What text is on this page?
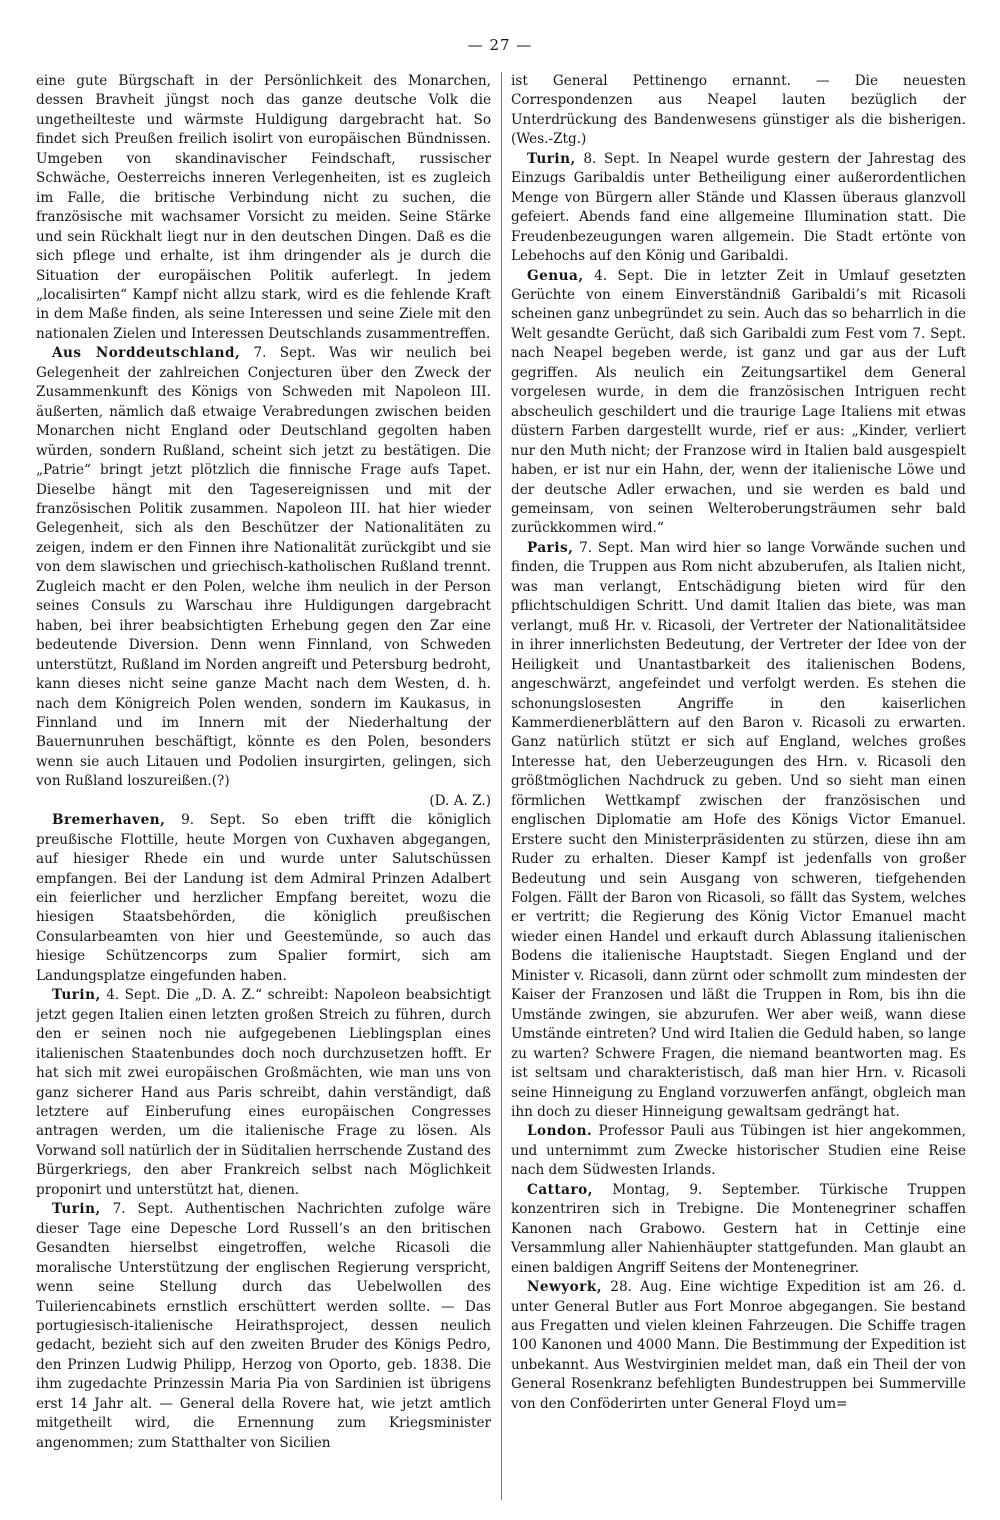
— 27 —

eine gute Bürgschaft in der Persönlichkeit des Monarchen, dessen Bravheit jüngst noch das ganze deutsche Volk die ungetheilteste und wärmste Huldigung dargebracht hat. So findet sich Preußen freilich isolirt von europäischen Bündnissen. Umgeben von skandinavischer Feindschaft, russischer Schwäche, Oesterreichs inneren Verlegenheiten, ist es zugleich im Falle, die britische Verbindung nicht zu suchen, die französische mit wachsamer Vorsicht zu meiden. Seine Stärke und sein Rückhalt liegt nur in den deutschen Dingen. Daß es die sich pflege und erhalte, ist ihm dringender als je durch die Situation der europäischen Politik auferlegt. In jedem „localisirten“ Kampf nicht allzu stark, wird es die fehlende Kraft in dem Maße finden, als seine Interessen und seine Ziele mit den nationalen Zielen und Interessen Deutschlands zusammentreffen.

Aus Norddeutschland, 7. Sept. Was wir neulich bei Gelegenheit der zahlreichen Conjecturen über den Zweck der Zusammenkunft des Königs von Schweden mit Napoleon III. äußerten, nämlich daß etwaige Verabredungen zwischen beiden Monarchen nicht England oder Deutschland gegolten haben würden, sondern Rußland, scheint sich jetzt zu bestätigen. Die „Patrie“ bringt jetzt plötzlich die finnische Frage aufs Tapet. Dieselbe hängt mit den Tagesereignissen und mit der französischen Politik zusammen. Napoleon III. hat hier wieder Gelegenheit, sich als den Beschützer der Nationalitäten zu zeigen, indem er den Finnen ihre Nationalität zurückgibt und sie von dem slawischen und griechisch-katholischen Rußland trennt. Zugleich macht er den Polen, welche ihm neulich in der Person seines Consuls zu Warschau ihre Huldigungen dargebracht haben, bei ihrer beabsichtigten Erhebung gegen den Zar eine bedeutende Diversion. Denn wenn Finnland, von Schweden unterstützt, Rußland im Norden angreift und Petersburg bedroht, kann dieses nicht seine ganze Macht nach dem Westen, d. h. nach dem Königreich Polen wenden, sondern im Kaukasus, in Finnland und im Innern mit der Niederhaltung der Bauernunruhen beschäftigt, könnte es den Polen, besonders wenn sie auch Litauen und Podolien insurgirten, gelingen, sich von Rußland loszureißen.(?)

(D. A. Z.)

Bremerhaven, 9. Sept. So eben trifft die königlich preußische Flottille, heute Morgen von Cuxhaven abgegangen, auf hiesiger Rhede ein und wurde unter Salutschüssen empfangen. Bei der Landung ist dem Admiral Prinzen Adalbert ein feierlicher und herzlicher Empfang bereitet, wozu die hiesigen Staatsbehörden, die königlich preußischen Consularbeamten von hier und Geestemünde, so auch das hiesige Schützencorps zum Spalier formirt, sich am Landungsplatze eingefunden haben.

Turin, 4. Sept. Die „D. A. Z.“ schreibt: Napoleon beabsichtigt jetzt gegen Italien einen letzten großen Streich zu führen, durch den er seinen noch nie aufgegebenen Lieblingsplan eines italienischen Staatenbundes doch noch durchzusetzen hofft. Er hat sich mit zwei europäischen Großmächten, wie man uns von ganz sicherer Hand aus Paris schreibt, dahin verständigt, daß letztere auf Einberufung eines europäischen Congresses antragen werden, um die italienische Frage zu lösen. Als Vorwand soll natürlich der in Süditalien herrschende Zustand des Bürgerkriegs, den aber Frankreich selbst nach Möglichkeit proponirt und unterstützt hat, dienen.

Turin, 7. Sept. Authentischen Nachrichten zufolge wäre dieser Tage eine Depesche Lord Russell’s an den britischen Gesandten hierselbst eingetroffen, welche Ricasoli die moralische Unterstützung der englischen Regierung verspricht, wenn seine Stellung durch das Uebelwollen des Tuileriencabinets ernstlich erschüttert werden sollte. — Das portugiesisch-italienische Heirathsproject, dessen neulich gedacht, bezieht sich auf den zweiten Bruder des Königs Pedro, den Prinzen Ludwig Philipp, Herzog von Oporto, geb. 1838. Die ihm zugedachte Prinzessin Maria Pia von Sardinien ist übrigens erst 14 Jahr alt. — General della Rovere hat, wie jetzt amtlich mitgetheilt wird, die Ernennung zum Kriegsminister angenommen; zum Statthalter von Sicilien

ist General Pettinengo ernannt. — Die neuesten Correspondenzen aus Neapel lauten bezüglich der Unterdrückung des Bandenwesens günstiger als die bisherigen. (Wes.-Ztg.)

Turin, 8. Sept. In Neapel wurde gestern der Jahrestag des Einzugs Garibaldis unter Betheiligung einer außerordentlichen Menge von Bürgern aller Stände und Klassen überaus glanzvoll gefeiert. Abends fand eine allgemeine Illumination statt. Die Freudenbezeugungen waren allgemein. Die Stadt ertönte von Lebehochs auf den König und Garibaldi.

Genua, 4. Sept. Die in letzter Zeit in Umlauf gesetzten Gerüchte von einem Einverständniß Garibaldi’s mit Ricasoli scheinen ganz unbegründet zu sein. Auch das so beharrlich in die Welt gesandte Gerücht, daß sich Garibaldi zum Fest vom 7. Sept. nach Neapel begeben werde, ist ganz und gar aus der Luft gegriffen. Als neulich ein Zeitungsartikel dem General vorgelesen wurde, in dem die französischen Intriguen recht abscheulich geschildert und die traurige Lage Italiens mit etwas düstern Farben dargestellt wurde, rief er aus: „Kinder, verliert nur den Muth nicht; der Franzose wird in Italien bald ausgespielt haben, er ist nur ein Hahn, der, wenn der italienische Löwe und der deutsche Adler erwachen, und sie werden es bald und gemeinsam, von seinen Welteroberungsträumen sehr bald zurückkommen wird.“

Paris, 7. Sept. Man wird hier so lange Vorwände suchen und finden, die Truppen aus Rom nicht abzuberufen, als Italien nicht, was man verlangt, Entschädigung bieten wird für den pflichtschuldigen Schritt. Und damit Italien das biete, was man verlangt, muß Hr. v. Ricasoli, der Vertreter der Nationalitätsidee in ihrer innerlichsten Bedeutung, der Vertreter der Idee von der Heiligkeit und Unantastbarkeit des italienischen Bodens, angeschwärzt, angefeindet und verfolgt werden. Es stehen die schonungslosesten Angriffe in den kaiserlichen Kammerdienerblättern auf den Baron v. Ricasoli zu erwarten. Ganz natürlich stützt er sich auf England, welches großes Interesse hat, den Ueberzeugungen des Hrn. v. Ricasoli den größtmöglichen Nachdruck zu geben. Und so sieht man einen förmlichen Wettkampf zwischen der französischen und englischen Diplomatie am Hofe des Königs Victor Emanuel. Erstere sucht den Ministerpräsidenten zu stürzen, diese ihn am Ruder zu erhalten. Dieser Kampf ist jedenfalls von großer Bedeutung und sein Ausgang von schweren, tiefgehenden Folgen. Fällt der Baron von Ricasoli, so fällt das System, welches er vertritt; die Regierung des König Victor Emanuel macht wieder einen Handel und erkauft durch Ablassung italienischen Bodens die italienische Hauptstadt. Siegen England und der Minister v. Ricasoli, dann zürnt oder schmollt zum mindesten der Kaiser der Franzosen und läßt die Truppen in Rom, bis ihn die Umstände zwingen, sie abzurufen. Wer aber weiß, wann diese Umstände eintreten? Und wird Italien die Geduld haben, so lange zu warten? Schwere Fragen, die niemand beantworten mag. Es ist seltsam und charakteristisch, daß man hier Hrn. v. Ricasoli seine Hinneigung zu England vorzuwerfen anfängt, obgleich man ihn doch zu dieser Hinneigung gewaltsam gedrängt hat.

London. Professor Pauli aus Tübingen ist hier angekommen, und unternimmt zum Zwecke historischer Studien eine Reise nach dem Südwesten Irlands.

Cattaro, Montag, 9. September. Türkische Truppen konzentriren sich in Trebigne. Die Montenegriner schaffen Kanonen nach Grabowo. Gestern hat in Cettinje eine Versammlung aller Nahienhäupter stattgefunden. Man glaubt an einen baldigen Angriff Seitens der Montenegriner.

Newyork, 28. Aug. Eine wichtige Expedition ist am 26. d. unter General Butler aus Fort Monroe abgegangen. Sie bestand aus Fregatten und vielen kleinen Fahrzeugen. Die Schiffe tragen 100 Kanonen und 4000 Mann. Die Bestimmung der Expedition ist unbekannt. Aus Westvirginien meldet man, daß ein Theil der von General Rosenkranz befehligten Bundestruppen bei Summerville von den Conföderirten unter General Floyd um=
